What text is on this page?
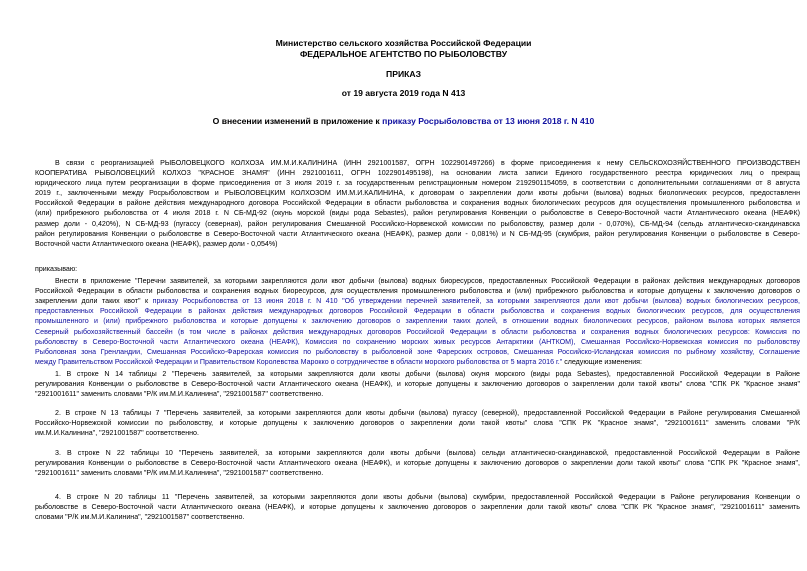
Министерство сельского хозяйства Российской Федерации
ФЕДЕРАЛЬНОЕ АГЕНТСТВО ПО РЫБОЛОВСТВУ
ПРИКАЗ
от 19 августа 2019 года N 413
О внесении изменений в приложение к приказу Росрыболовства от 13 июня 2018 г. N 410
В связи с реорганизацией РЫБОЛОВЕЦКОГО КОЛХОЗА ИМ.М.И.КАЛИНИНА (ИНН 2921001587, ОГРН 1022901497266) в форме присоединения к нему СЕЛЬСКОХОЗЯЙСТВЕННОГО ПРОИЗВОДСТВЕН
КООПЕРАТИВА РЫБОЛОВЕЦКИЙ КОЛХОЗ "КРАСНОЕ ЗНАМЯ" (ИНН 2921001611, ОГРН 1022901495198), на основании листа записи Единого государственного реестра юридических лиц о прекращ
юридического лица путем реорганизации в форме присоединения от 3 июля 2019 г. за государственным регистрационным номером 2192901154059, в соответствии с дополнительными соглашениями от 8 августа
2019 г., заключенными между Росрыболовством и РЫБОЛОВЕЦКИМ КОЛХОЗОМ ИМ.М.И.КАЛИНИНА, к договорам о закреплении доли квоты добычи (вылова) водных биологических ресурсов, предоставленн
Российской Федерации в районе действия международного договора Российской Федерации в области рыболовства и сохранения водных биологических ресурсов для осуществления промышленного рыболовства и
(или) прибрежного рыболовства от 4 июля 2018 г. N СБ-МД-92 (окунь морской (виды рода Sebastes), район регулирования Конвенции о рыболовстве в Северо-Восточной части Атлантического океана (НЕАФК)
размер доли - 0,420%), N СБ-МД-93 (пугассу (северная), район регулирования Смешанной Российско-Норвежской комиссии по рыболовству, размер доли - 0,070%), СБ-МД-94 (сельдь атлантическо-скандинавска
район регулирования Конвенции о рыболовстве в Северо-Восточной части Атлантического океана (НЕАФК), размер доли - 0,081%) и N СБ-МД-95 (скумбрия, район регулирования Конвенции о рыболовстве в Северо-
Восточной части Атлантического океана (НЕАФК), размер доли - 0,054%)
приказываю:
Внести в приложение "Перечни заявителей, за которыми закрепляются доли квот добычи (вылова) водных биоресурсов, предоставленных Российской Федерации в районах действия международных договоров
Российской Федерации в области рыболовства и сохранения водных биоресурсов, для осуществления промышленного рыболовства и (или) прибрежного рыболовства и которые допущены к заключению договоров о
закреплении доли таких квот" к приказу Росрыболовства от 13 июня 2018 г. N 410 "Об утверждении перечней заявителей, за которыми закрепляются доли квот добычи (вылова) водных биологических ресурсов,
предоставленных Российской Федерации в районах действия международных договоров Российской Федерации в области рыболовства и сохранения водных биологических ресурсов, для осуществления
промышленного и (или) прибрежного рыболовства и которые допущены к заключению договоров о закреплении таких долей, в отношении водных биологических ресурсов, районом вылова которых является
Северный рыбохозяйственный бассейн (в том числе в районах действия международных договоров Российской Федерации в области рыболовства и сохранения водных биологических ресурсов: Комиссия по
рыболовству в Северо-Восточной части Атлантического океана (НЕАФК), Комиссия по сохранению морских живых ресурсов Антарктики (АНТКОМ), Смешанная Российско-Норвежская комиссия по рыболовству
Рыболовная зона Гренландии, Смешанная Российско-Фарерская комиссия по рыболовству в рыболовной зоне Фарерских островов, Смешанная Российско-Исландская комиссия по рыбному хозяйству, Соглашение
между Правительством Российской Федерации и Правительством Королевства Марокко о сотрудничестве в области морского рыболовства от 5 марта 2016 г." следующие изменения:
1. В строке N 14 таблицы 2 "Перечень заявителей, за которыми закрепляются доли квоты добычи (вылова) окуня морского (виды рода Sebastes), предоставленной Российской Федерации в Районе
регулирования Конвенции о рыболовстве в Северо-Восточной части Атлантического океана (НЕАФК), и которые допущены к заключению договоров о закреплении доли такой квоты" слова "СПК РК "Красное знамя"
"2921001611" заменить словами "Р/К им.М.И.Калинина", "2921001587" соответственно.
2. В строке N 13 таблицы 7 "Перечень заявителей, за которыми закрепляются доли квоты добычи (вылова) пугассу (северной), предоставленной Российской Федерации в Районе регулирования Смешанной
Российско-Норвежской комиссии по рыболовству, и которые допущены к заключению договоров о закреплении доли такой квоты" слова "СПК РК "Красное знамя", "2921001611" заменить словами "Р/К
им.М.И.Калинина", "2921001587" соответственно.
3. В строке N 22 таблицы 10 "Перечень заявителей, за которыми закрепляются доли квоты добычи (вылова) сельди атлантическо-скандинавской, предоставленной Российской Федерации в Районе
регулирования Конвенции о рыболовстве в Северо-Восточной части Атлантического океана (НЕАФК), и которые допущены к заключению договоров о закреплении доли такой квоты" слова "СПК РК "Красное знамя",
"2921001611" заменить словами "Р/К им.М.И.Калинина", "2921001587" соответственно.
4. В строке N 20 таблицы 11 "Перечень заявителей, за которыми закрепляются доли квоты добычи (вылова) скумбрии, предоставленной Российской Федерации в Районе регулирования Конвенции о
рыболовстве в Северо-Восточной части Атлантического океана (НЕАФК), и которые допущены к заключению договоров о закреплении доли такой квоты" слова "СПК РК "Красное знамя", "2921001611" заменить
словами "Р/К им.М.И.Калинина", "2921001587" соответственно.
